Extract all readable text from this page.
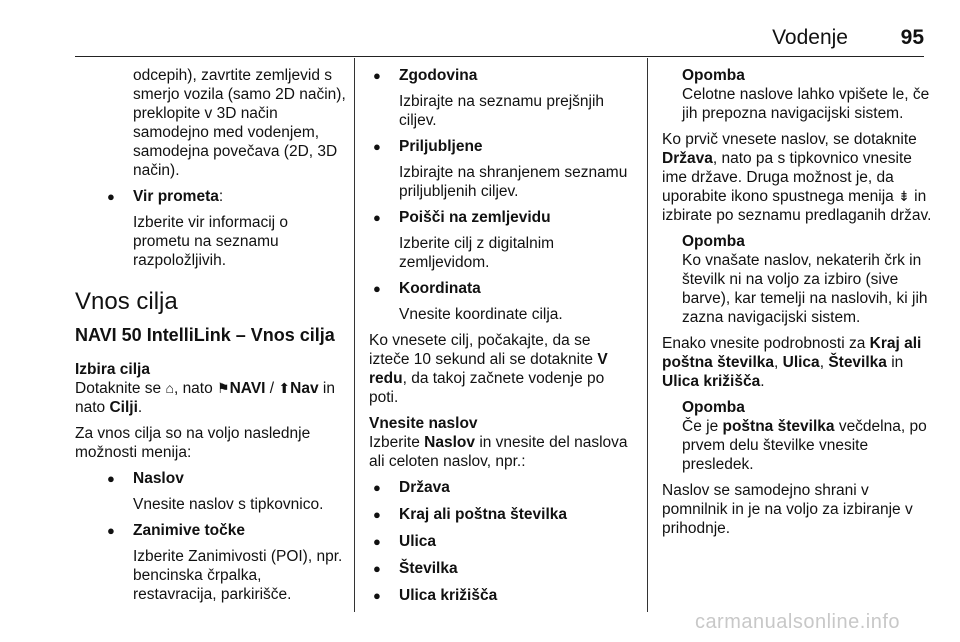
Vodenje	95

odcepih), zavrtite zemljevid s smerjo vozila (samo 2D način), preklopite v 3D način samodejno med vodenjem, samodejna povečava (2D, 3D način).

● Vir prometa:

Izberite vir informacij o prometu na seznamu razpoložljivih.

Vnos cilja
NAVI 50 IntelliLink – Vnos cilja

Izbira cilja

Dotaknite se ⌂, nato ⚑NAVI / ⬆Nav in nato Cilji.

Za vnos cilja so na voljo naslednje možnosti menija:

● Naslov

Vnesite naslov s tipkovnico.

● Zanimive točke

Izberite Zanimivosti (POI), npr. bencinska črpalka, restavracija, parkirišče.

● Zgodovina

Izbirajte na seznamu prejšnjih ciljev.

● Priljubljene

Izbirajte na shranjenem seznamu priljubljenih ciljev.

● Poišči na zemljevidu

Izberite cilj z digitalnim zemljevidom.

● Koordinata

Vnesite koordinate cilja.

Ko vnesete cilj, počakajte, da se izteče 10 sekund ali se dotaknite V redu, da takoj začnete vodenje po poti.

Vnesite naslov

Izberite Naslov in vnesite del naslova ali celoten naslov, npr.:

● Država
● Kraj ali poštna številka
● Ulica
● Številka
● Ulica križišča
Opomba

Celotne naslove lahko vpišete le, če jih prepozna navigacijski sistem.

Ko prvič vnesete naslov, se dotaknite Država, nato pa s tipkovnico vnesite ime države. Druga možnost je, da uporabite ikono spustnega menija ⇟ in izbirate po seznamu predlaganih držav.

Opomba

Ko vnašate naslov, nekaterih črk in številk ni na voljo za izbiro (sive barve), kar temelji na naslovih, ki jih zazna navigacijski sistem.

Enako vnesite podrobnosti za Kraj ali poštna številka, Ulica, Številka in Ulica križišča.

Opomba

Če je poštna številka večdelna, po prvem delu številke vnesite presledek.

Naslov se samodejno shrani v pomnilnik in je na voljo za izbiranje v prihodnje.

carmanualsonline.info
